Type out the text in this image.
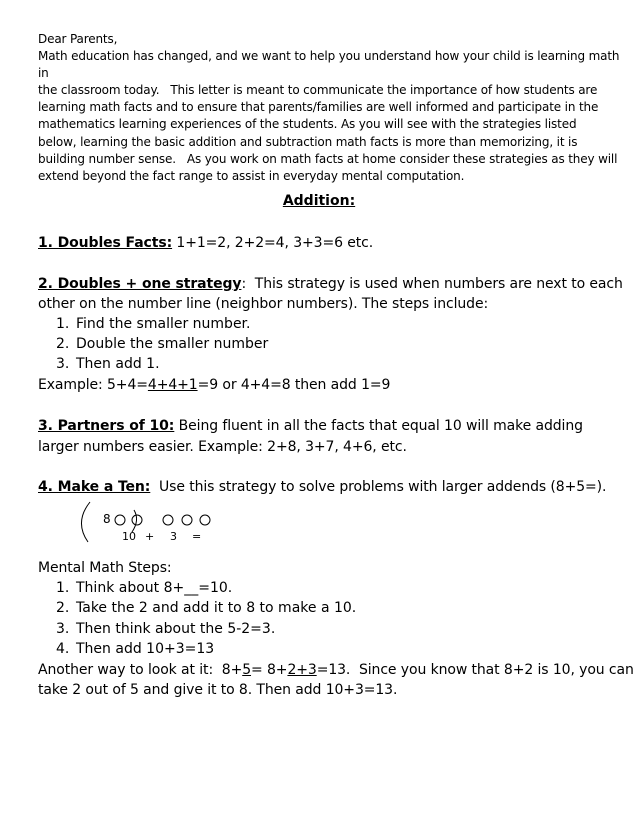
Dear Parents,

Math education has changed, and we want to help you understand how your child is learning math in

the classroom today.   This letter is meant to communicate the importance of how students are

learning math facts and to ensure that parents/families are well informed and participate in the

mathematics learning experiences of the students. As you will see with the strategies listed

below, learning the basic addition and subtraction math facts is more than memorizing, it is

building number sense.   As you work on math facts at home consider these strategies as they will

extend beyond the fact range to assist in everyday mental computation.

Addition:
1. Doubles Facts: 1+1=2, 2+2=4, 3+3=6 etc.
2. Doubles + one strategy:  This strategy is used when numbers are next to each
other on the number line (neighbor numbers). The steps include:
1. Find the smaller number.
2. Double the smaller number
3. Then add 1.
Example: 5+4=4+4+1=9 or 4+4=8 then add 1=9
3. Partners of 10: Being fluent in all the facts that equal 10 will make adding
larger numbers easier. Example: 2+8, 3+7, 4+6, etc.
4. Make a Ten:  Use this strategy to solve problems with larger addends (8+5=).
8
10 + 3 =
Mental Math Steps:
1. Think about 8+__=10.
2. Take the 2 and add it to 8 to make a 10.
3. Then think about the 5-2=3.
4. Then add 10+3=13
Another way to look at it:  8+5= 8+2+3=13.  Since you know that 8+2 is 10, you can
take 2 out of 5 and give it to 8. Then add 10+3=13.
